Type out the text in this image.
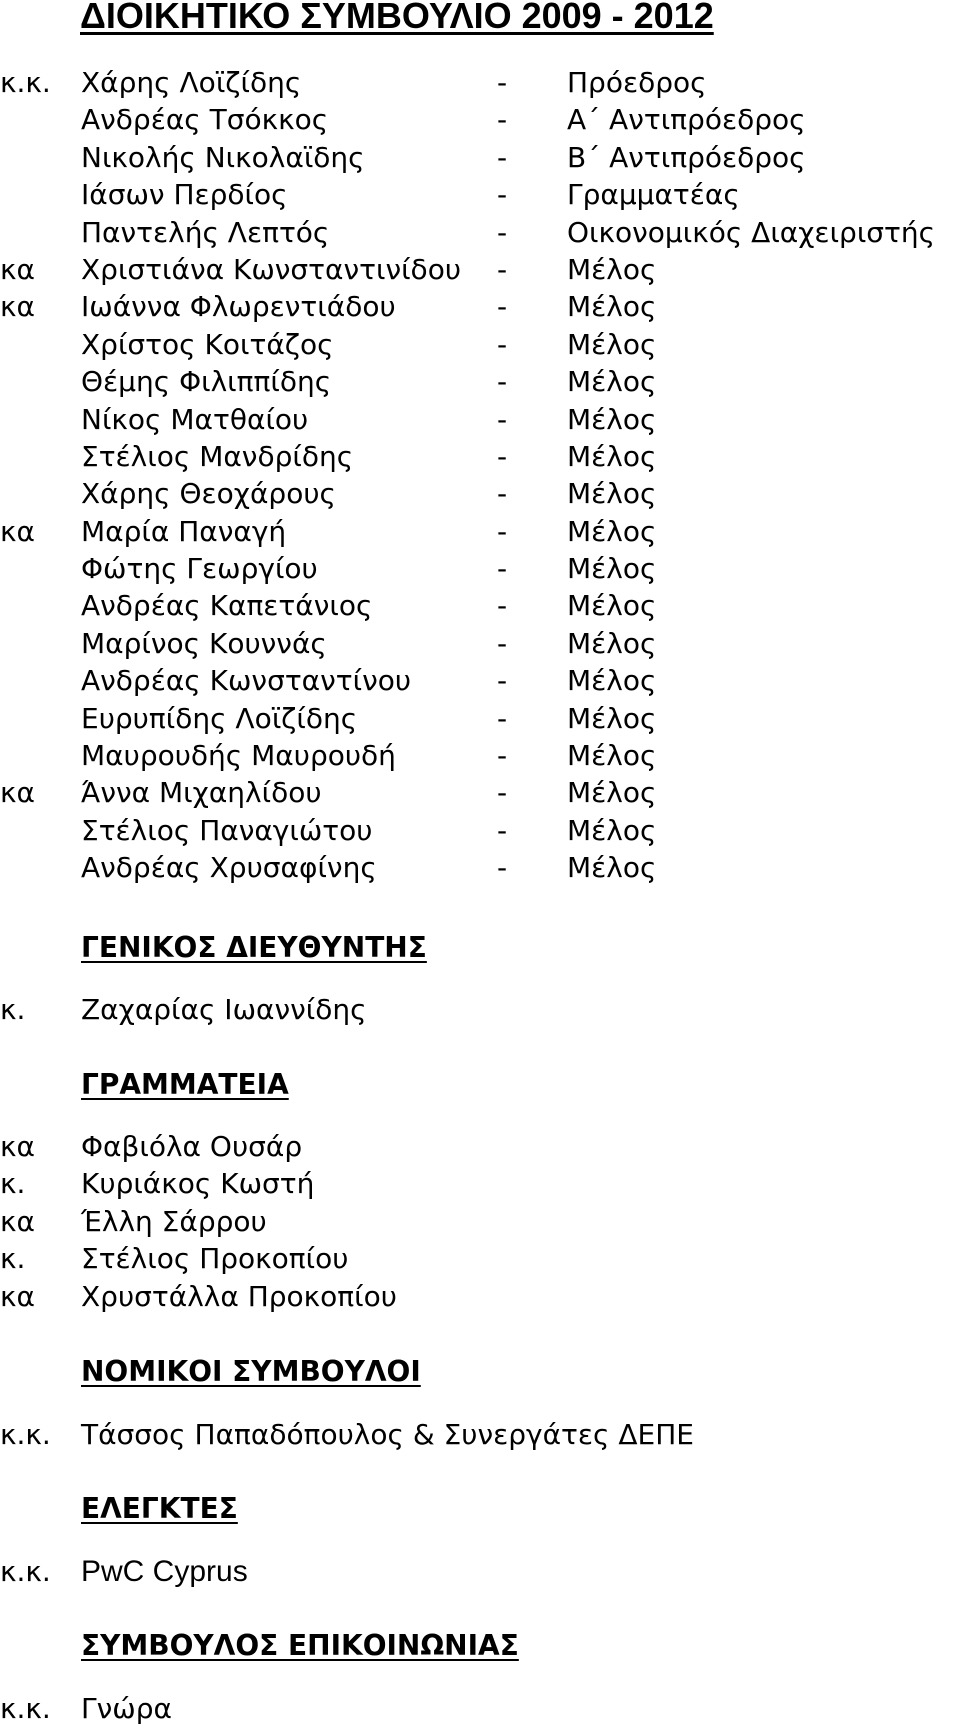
ΔΙΟΙΚΗΤΙΚΟ ΣΥΜΒΟΥΛΙΟ 2009 - 2012
κ.κ. Χάρης Λοϊζίδης	- Πρόεδρος
Ανδρέας Τσόκκος	- Α΄ Αντιπρόεδρος
Νικολής Νικολαϊδης	- Β΄ Αντιπρόεδρος
Ιάσων Περδίος	- Γραμματέας
Παντελής Λεπτός	- Οικονομικός Διαχειριστής
κα Χριστιάνα Κωνσταντινίδου - Μέλος
κα Ιωάννα Φλωρεντιάδου	- Μέλος
Χρίστος Κοιτάζος	- Μέλος
Θέμης Φιλιππίδης	- Μέλος
Νίκος Ματθαίου	- Μέλος
Στέλιος Μανδρίδης	- Μέλος
Χάρης Θεοχάρους	- Μέλος
κα Μαρία Παναγή	- Μέλος
Φώτης Γεωργίου	- Μέλος
Ανδρέας Καπετάνιος	- Μέλος
Μαρίνος Κουννάς	- Μέλος
Ανδρέας Κωνσταντίνου	- Μέλος
Ευρυπίδης Λοϊζίδης	- Μέλος
Μαυρουδής Μαυρουδή	- Μέλος
κα Άννα Μιχαηλίδου	- Μέλος
Στέλιος Παναγιώτου	- Μέλος
Ανδρέας Χρυσαφίνης	- Μέλος
ΓΕΝΙΚΟΣ ΔΙΕΥΘΥΝΤΗΣ
κ. Ζαχαρίας Ιωαννίδης
ΓΡΑΜΜΑΤΕΙΑ
κα Φαβιόλα Ουσάρ
κ. Κυριάκος Κωστή
κα Έλλη Σάρρου
κ. Στέλιος Προκοπίου
κα Χρυστάλλα Προκοπίου
ΝΟΜΙΚΟΙ ΣΥΜΒΟΥΛΟΙ
κ.κ. Τάσσος Παπαδόπουλος & Συνεργάτες ΔΕΠΕ
ΕΛΕΓΚΤΕΣ
κ.κ. PwC Cyprus
ΣΥΜΒΟΥΛΟΣ ΕΠΙΚΟΙΝΩΝΙΑΣ
κ.κ. Γνώρα
